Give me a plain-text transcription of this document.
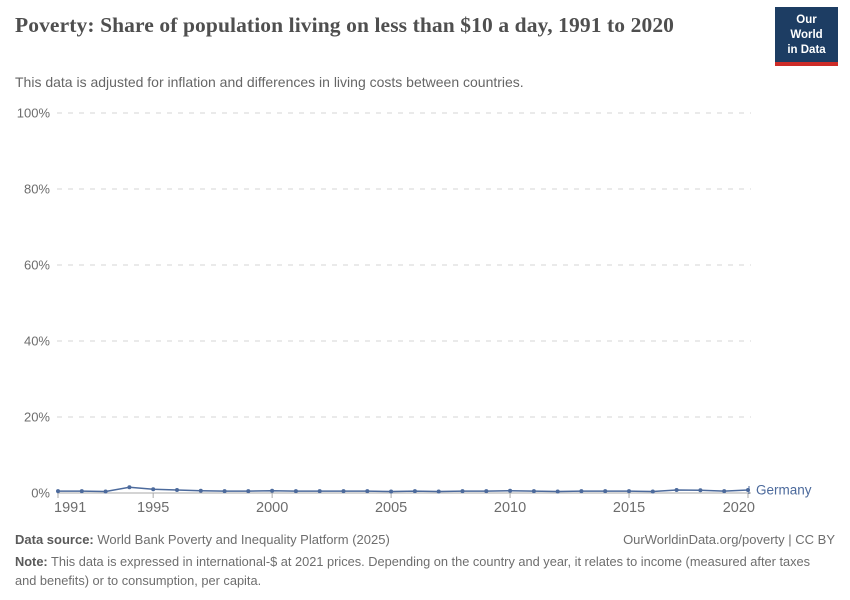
Poverty: Share of population living on less than $10 a day, 1991 to 2020	Our World
in Data

This data is adjusted for inflation and differences in living costs between countries.

0%
20%
40%
60%
80%
100%
1991	1995	2000	2005	2010	2015	2020
Germany
Data source: World Bank Poverty and Inequality Platform (2025)	OurWorldinData.org/poverty | CC BY
Note: This data is expressed in international-$ at 2021 prices. Depending on the country and year, it relates to income (measured after taxes and benefits) or to consumption, per capita.
